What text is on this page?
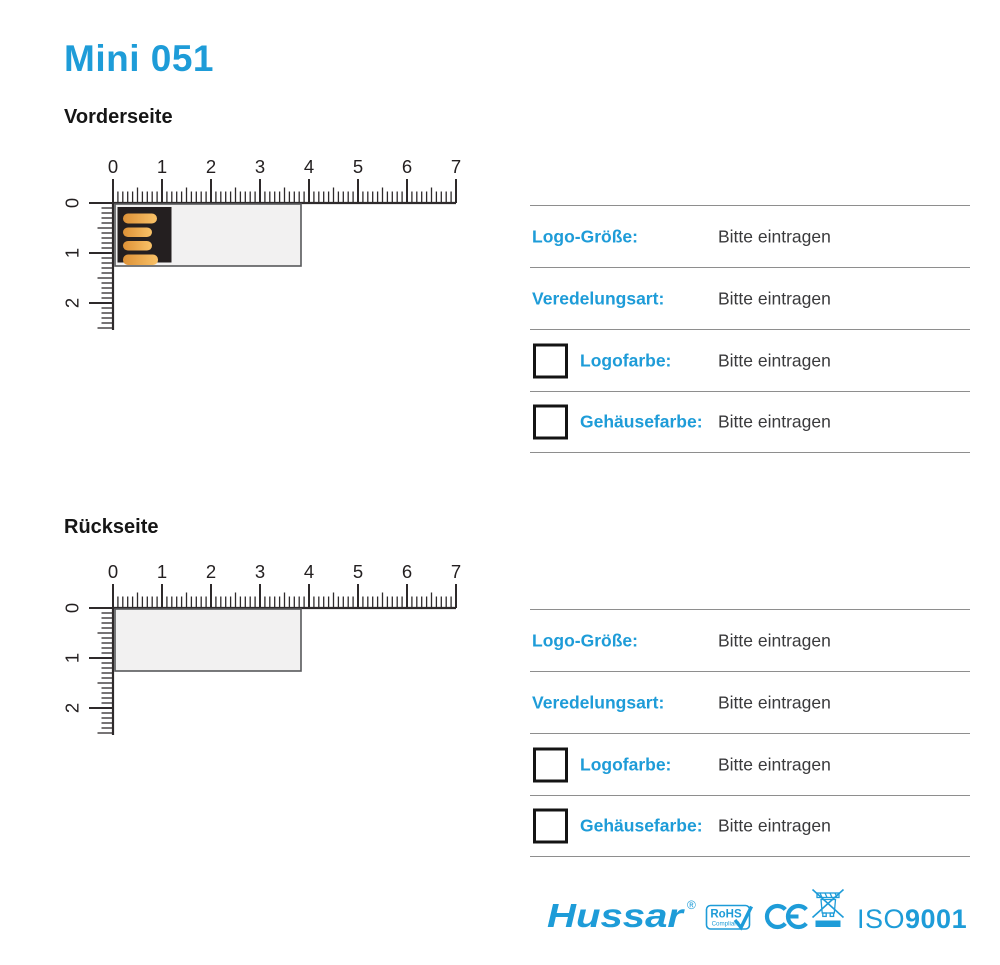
Mini 051
Vorderseite
Rückseite
0 1 2 3 4 5 6 7
0
1
2
0 1 2 3 4 5 6 7
0
1
2
Hussar ®
RoHS
Compliant	ISO9001
Logo-Größe:	Bitte eintragen
Veredelungsart:	Bitte eintragen
Logofarbe:	Bitte eintragen
Gehäusefarbe: Bitte eintragen
Logo-Größe:	Bitte eintragen
Veredelungsart:	Bitte eintragen
Logofarbe:	Bitte eintragen
Gehäusefarbe: Bitte eintragen
